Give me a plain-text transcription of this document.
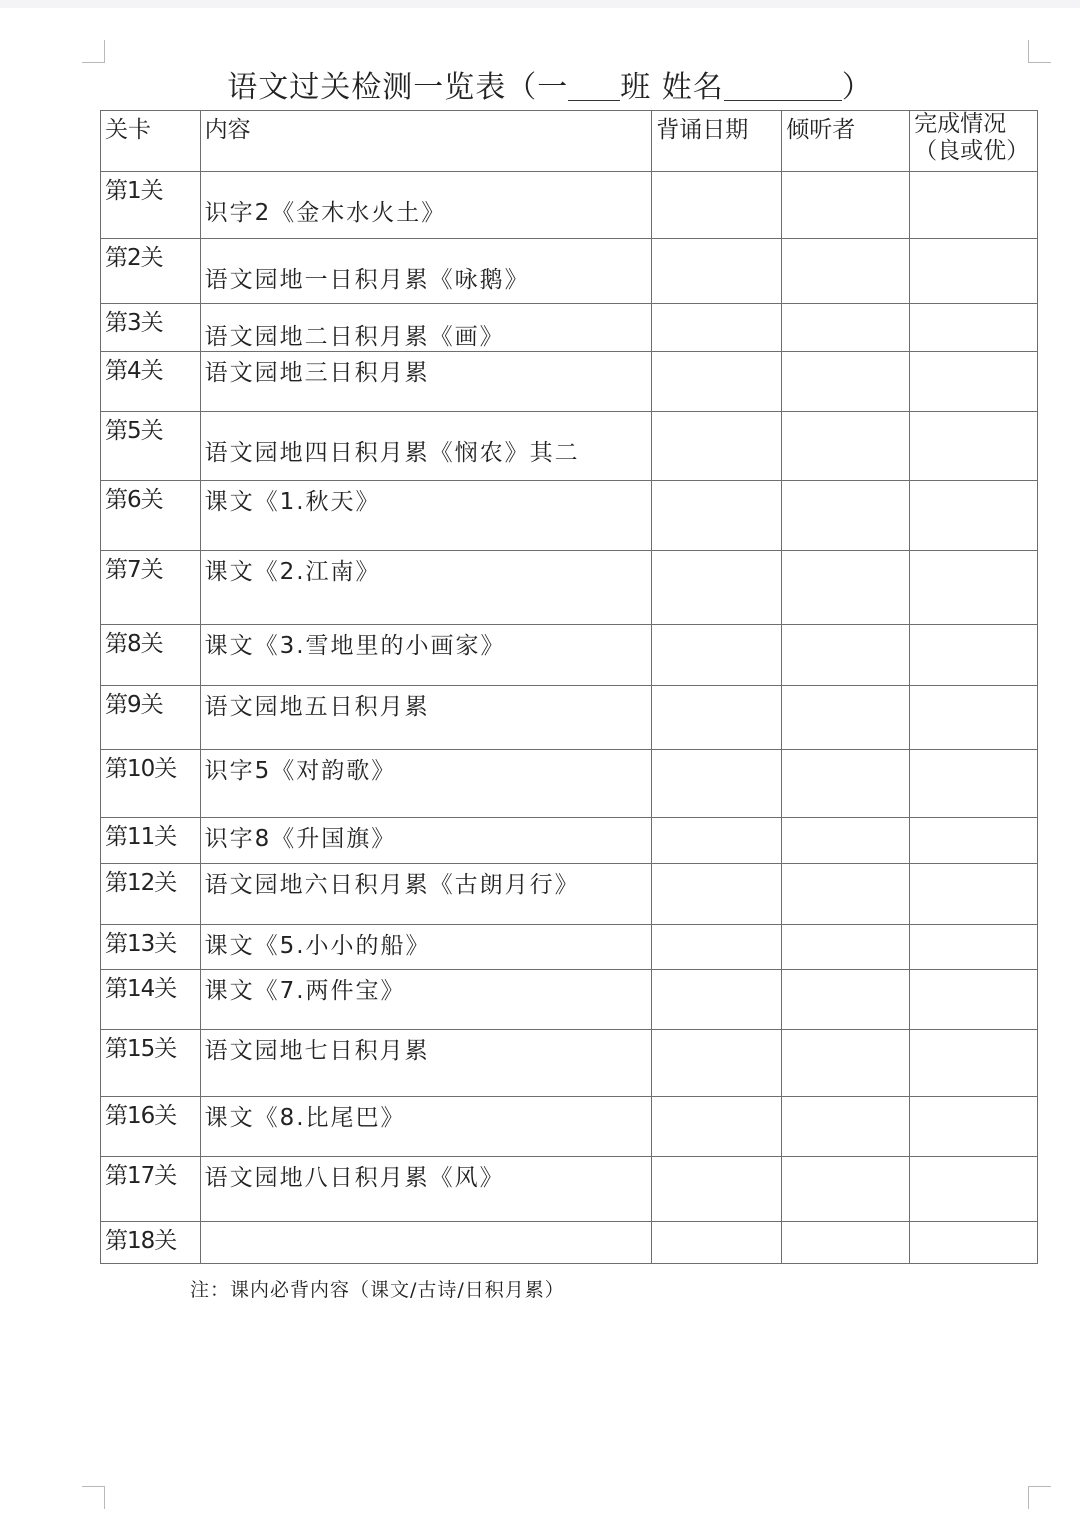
语文过关检测一览表（一 班 姓名	）
关卡	内容	背诵日期	倾听者	完成情况
（良或优）

第1关	识字2《金木水火土》			
第2关	语文园地一日积月累《咏鹅》			
第3关	语文园地二日积月累《画》			
第4关	语文园地三日积月累			
第5关	语文园地四日积月累《悯农》其二			
第6关	课文《1.秋天》			
第7关	课文《2.江南》			
第8关	课文《3.雪地里的小画家》			
第9关	语文园地五日积月累			
第10关	识字5《对韵歌》			
第11关	识字8《升国旗》			
第12关	语文园地六日积月累《古朗月行》			
第13关	课文《5.小小的船》			
第14关	课文《7.两件宝》			
第15关	语文园地七日积月累			
第16关	课文《8.比尾巴》			
第17关	语文园地八日积月累《风》			
第18关				
注：课内必背内容（课文/古诗/日积月累）
